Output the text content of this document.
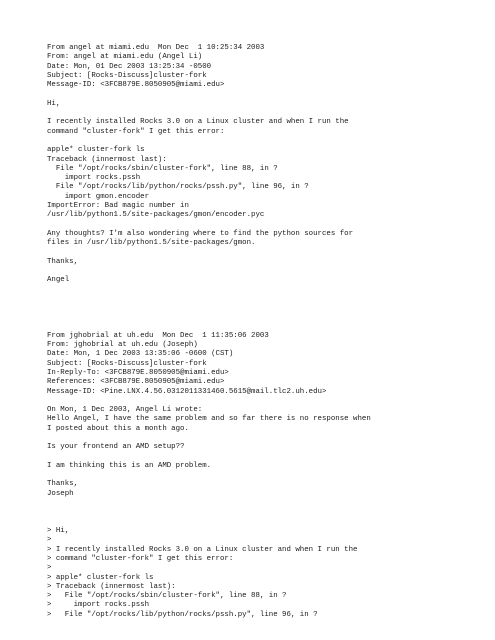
From angel at miami.edu  Mon Dec  1 10:25:34 2003
From: angel at miami.edu (Angel Li)
Date: Mon, 01 Dec 2003 13:25:34 -0500
Subject: [Rocks-Discuss]cluster-fork
Message-ID: <3FCB879E.8050905@miami.edu>
Hi,
I recently installed Rocks 3.0 on a Linux cluster and when I run the
command "cluster-fork" I get this error:
apple* cluster-fork ls
Traceback (innermost last):
File "/opt/rocks/sbin/cluster-fork", line 88, in ?
import rocks.pssh
File "/opt/rocks/lib/python/rocks/pssh.py", line 96, in ?
import gmon.encoder
ImportError: Bad magic number in
/usr/lib/python1.5/site-packages/gmon/encoder.pyc
Any thoughts? I'm also wondering where to find the python sources for
files in /usr/lib/python1.5/site-packages/gmon.
Thanks,
Angel
From jghobrial at uh.edu  Mon Dec  1 11:35:06 2003
From: jghobrial at uh.edu (Joseph)
Date: Mon, 1 Dec 2003 13:35:06 -0600 (CST)
Subject: [Rocks-Discuss]cluster-fork
In-Reply-To: <3FCB879E.8050905@miami.edu>
References: <3FCB879E.8050905@miami.edu>
Message-ID: <Pine.LNX.4.56.0312011331460.5615@mail.tlc2.uh.edu>
On Mon, 1 Dec 2003, Angel Li wrote:
Hello Angel, I have the same problem and so far there is no response when
I posted about this a month ago.
Is your frontend an AMD setup??
I am thinking this is an AMD problem.
Thanks,
Joseph
> Hi,
>
> I recently installed Rocks 3.0 on a Linux cluster and when I run the
> command "cluster-fork" I get this error:
>
> apple* cluster-fork ls
> Traceback (innermost last):
>   File "/opt/rocks/sbin/cluster-fork", line 88, in ?
>     import rocks.pssh
>   File "/opt/rocks/lib/python/rocks/pssh.py", line 96, in ?
